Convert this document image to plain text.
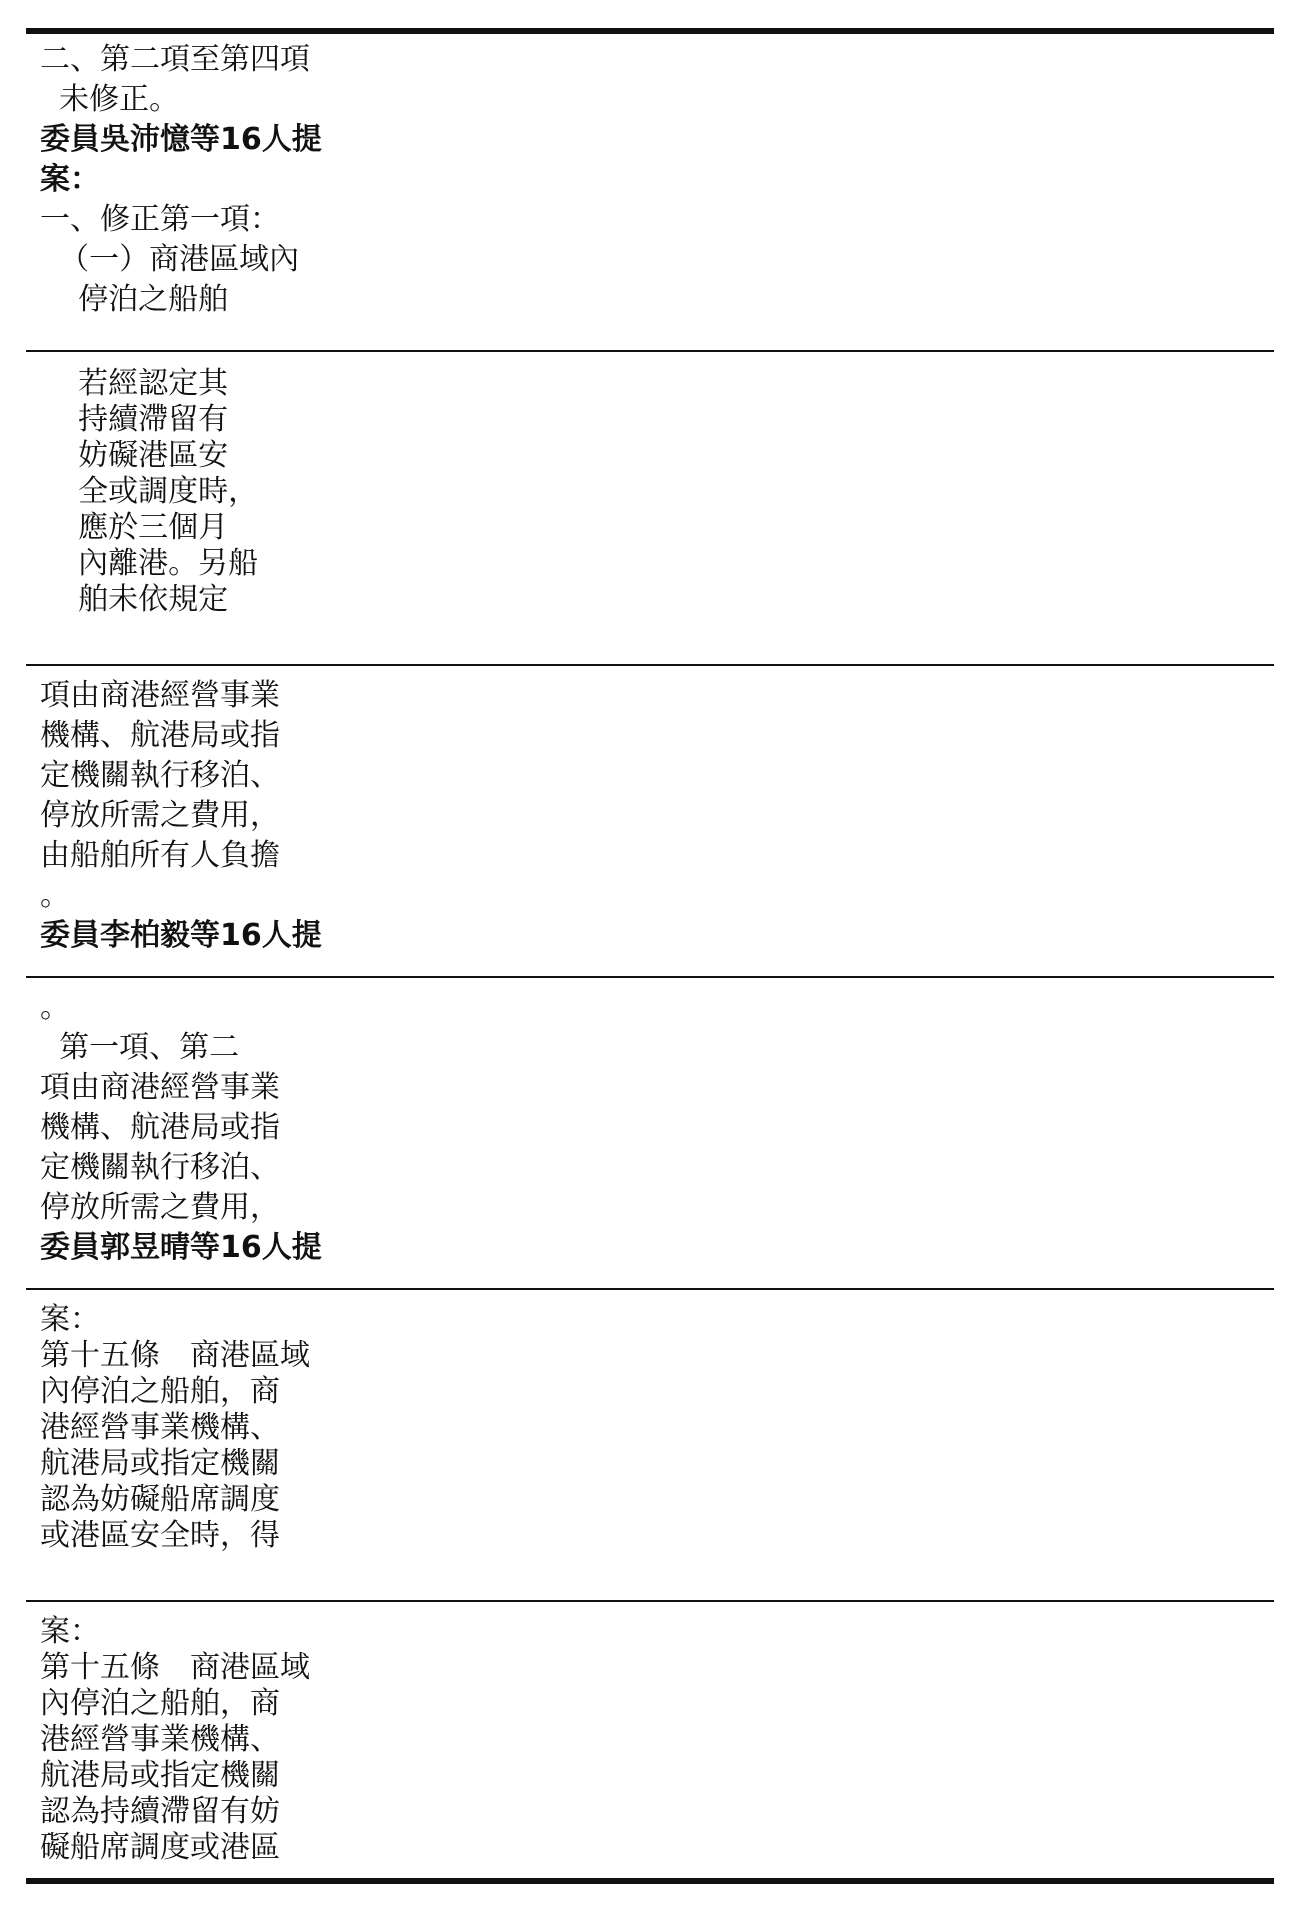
二、第二項至第四項
未修正。
委員吳沛憶等16人提
案：
一、修正第一項：
（一）商港區域內
停泊之船舶
項由商港經營事業
機構、航港局或指
定機關執行移泊、
停放所需之費用，
由船舶所有人負擔
。
委員李柏毅等16人提
。
第一項、第二
項由商港經營事業
機構、航港局或指
定機關執行移泊、
停放所需之費用，
委員郭昱晴等16人提
若經認定其
持續滯留有
妨礙港區安
全或調度時，
應於三個月
內離港。另船
舶未依規定
案：
第十五條　商港區域
內停泊之船舶，商
港經營事業機構、
航港局或指定機關
認為妨礙船席調度
或港區安全時，得
案：
第十五條　商港區域
內停泊之船舶，商
港經營事業機構、
航港局或指定機關
認為持續滯留有妨
礙船席調度或港區
